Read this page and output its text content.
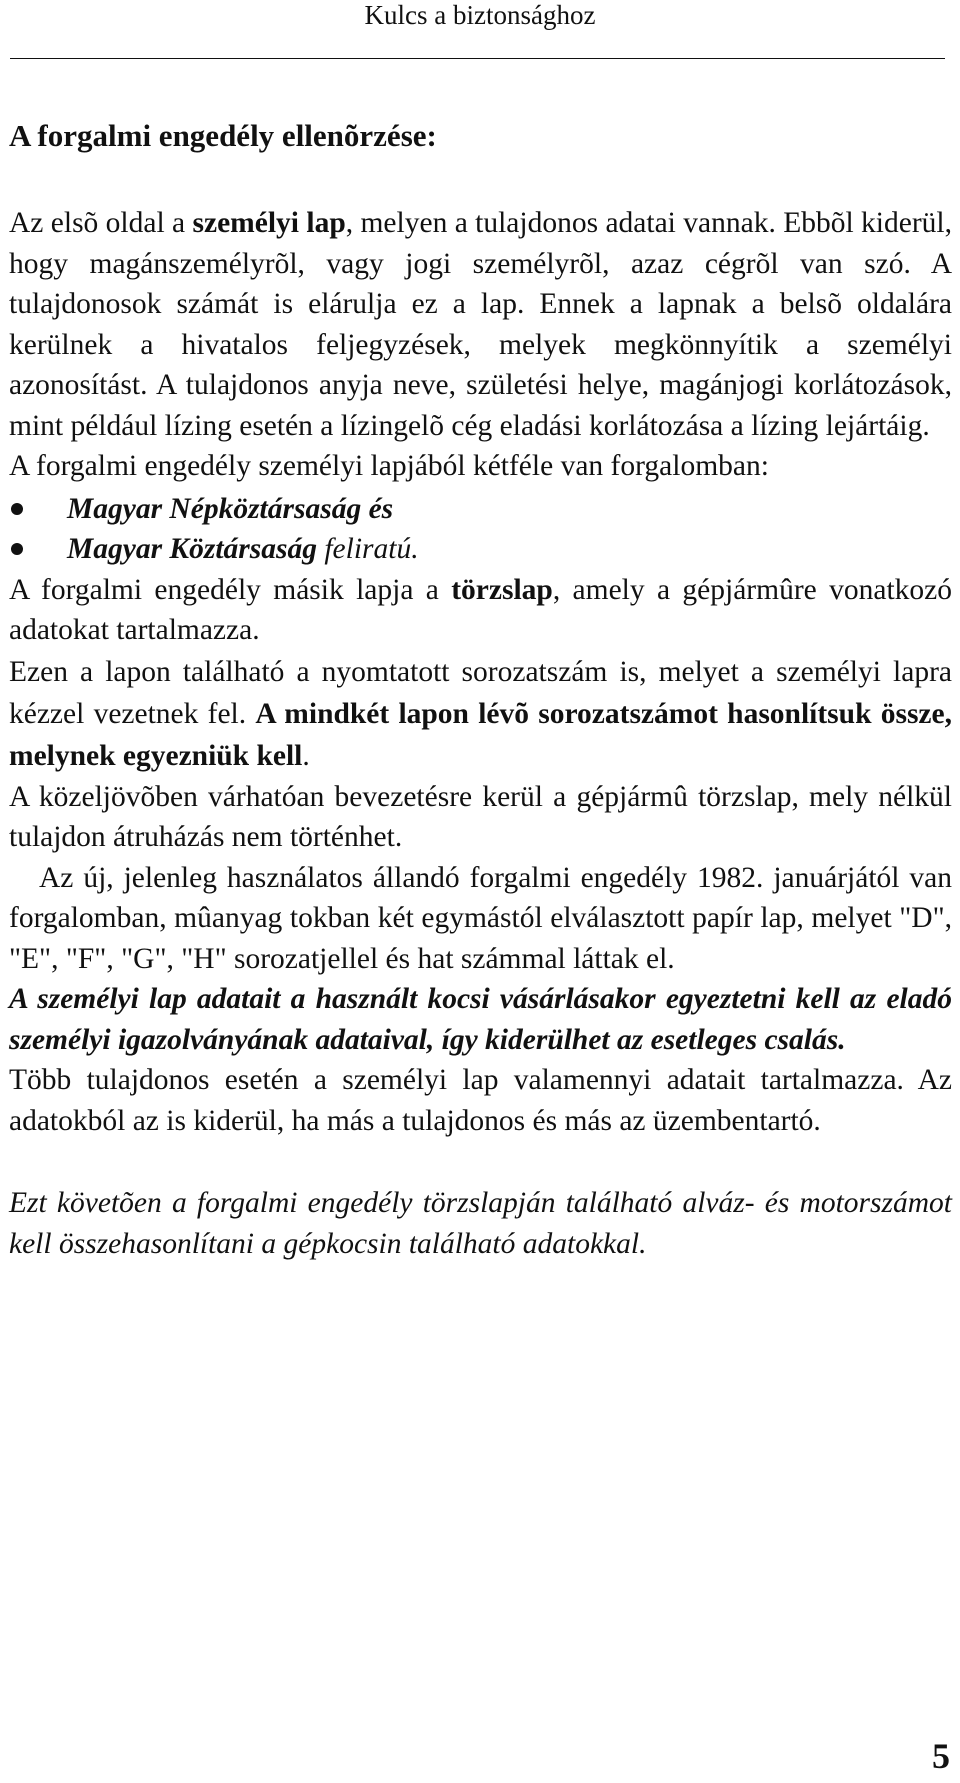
Kulcs a biztonsághoz
A forgalmi engedély ellenõrzése:

Az elsõ oldal a személyi lap, melyen a tulajdonos adatai vannak. Ebbõl kiderül, hogy magánszemélyrõl, vagy jogi személyrõl, azaz cégrõl van szó. A tulajdonosok számát is elárulja ez a lap. Ennek a lapnak a belsõ oldalára kerülnek a hivatalos feljegyzések, melyek megkönnyítik a személyi azonosítást. A tulajdonos anyja neve, születési helye, magánjogi korlátozások, mint például lízing esetén a lízingelõ cég eladási korlátozása a lízing lejártáig.

A forgalmi engedély személyi lapjából kétféle van forgalomban:

Magyar Népköztársaság és
Magyar Köztársaság feliratú.

A forgalmi engedély másik lapja a törzslap, amely a gépjármûre vonatkozó adatokat tartalmazza.

Ezen a lapon található a nyomtatott sorozatszám is, melyet a személyi lapra kézzel vezetnek fel. A mindkét lapon lévõ sorozatszámot hasonlítsuk össze, melynek egyezniük kell.

A közeljövõben várhatóan bevezetésre kerül a gépjármû törzslap, mely nélkül tulajdon átruházás nem történhet.

Az új, jelenleg használatos állandó forgalmi engedély 1982. januárjától van forgalomban, mûanyag tokban két egymástól elválasztott papír lap, melyet "D", "E", "F", "G", "H" sorozatjellel és hat számmal láttak el.

A személyi lap adatait a használt kocsi vásárlásakor egyeztetni kell az eladó személyi igazolványának adataival, így kiderülhet az esetleges csalás.

Több tulajdonos esetén a személyi lap valamennyi adatait tartalmazza. Az adatokból az is kiderül, ha más a tulajdonos és más az üzembentartó.

Ezt követõen a forgalmi engedély törzslapján található alváz- és motorszámot kell összehasonlítani a gépkocsin található adatokkal.

5
